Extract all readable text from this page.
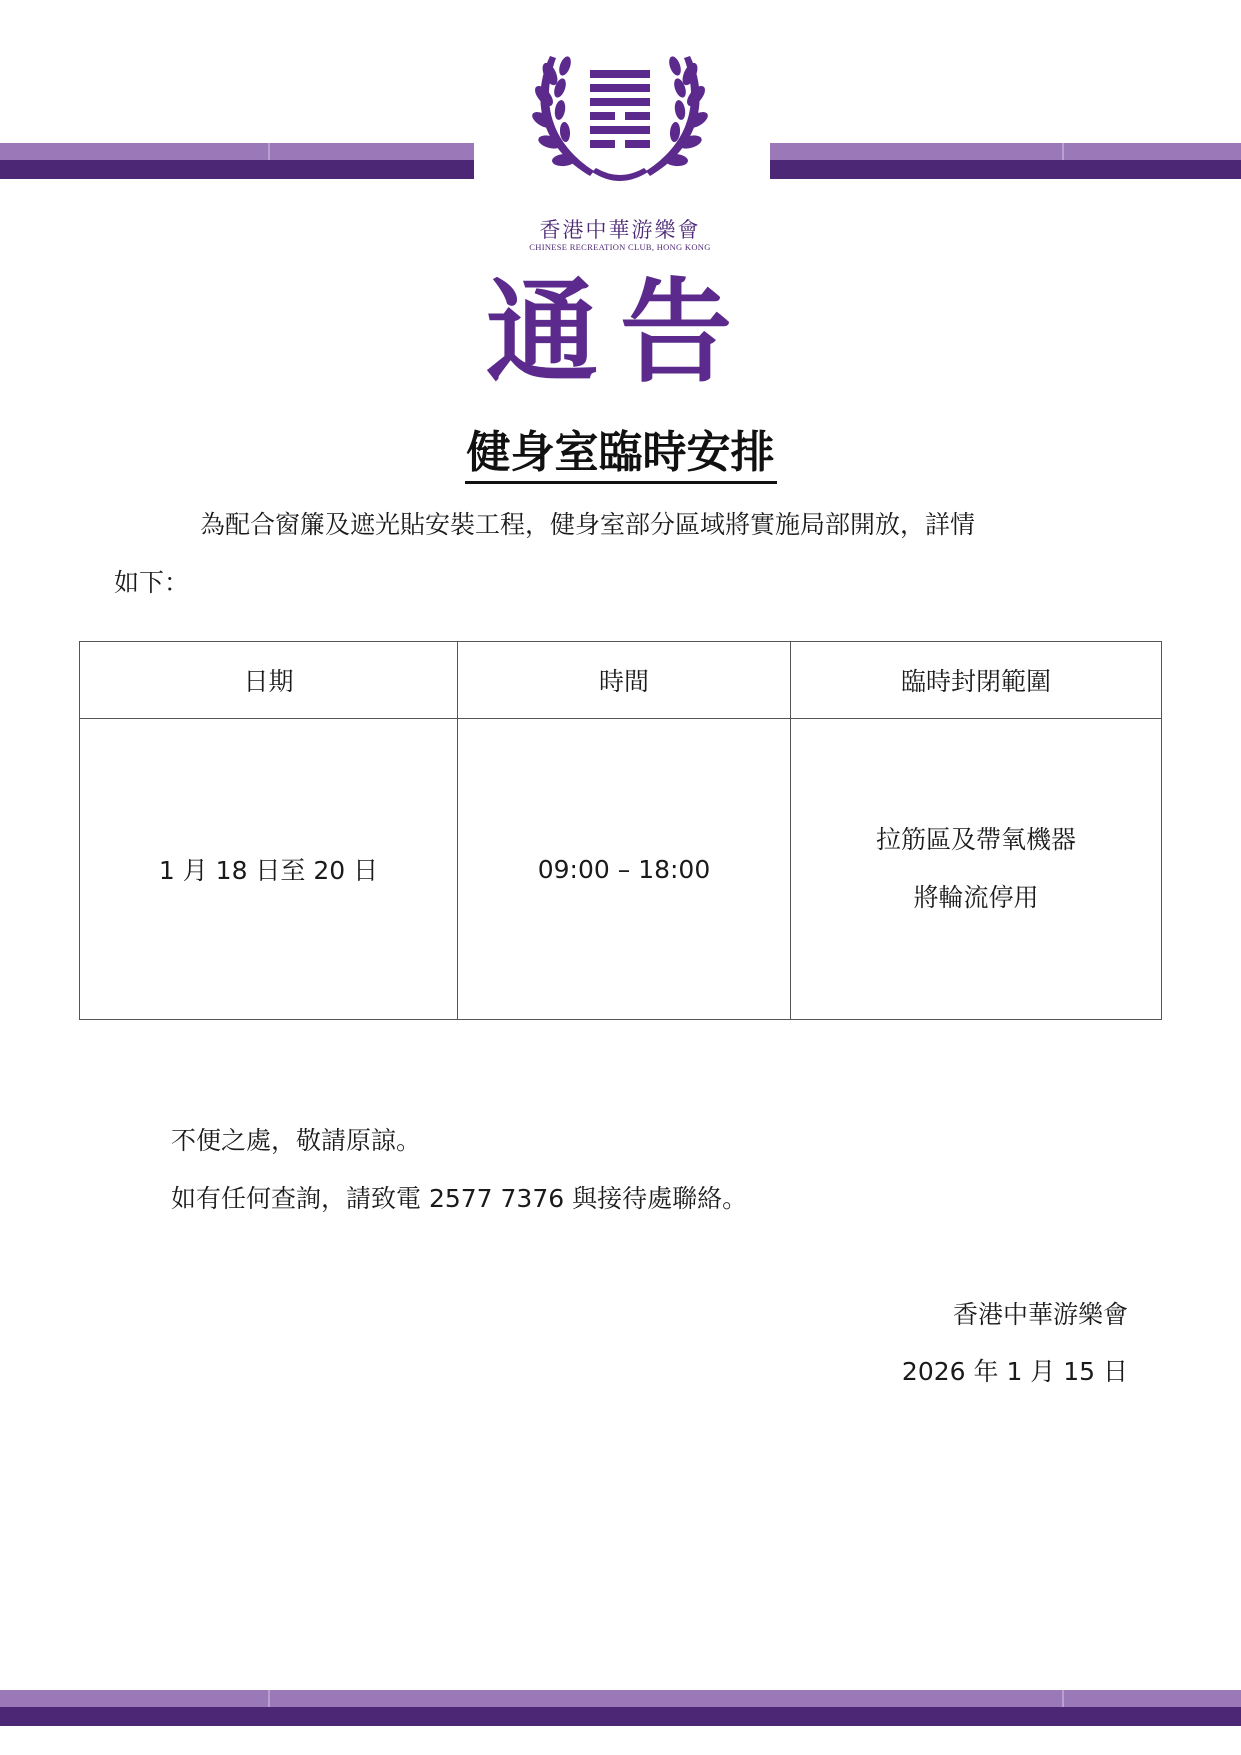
香港中華游樂會
CHINESE RECREATION CLUB, HONG KONG
通告
健身室臨時安排
為配合窗簾及遮光貼安裝工程，健身室部分區域將實施局部開放，詳情
如下：
日期	時間	臨時封閉範圍
1 月 18 日至 20 日	09:00 – 18:00	拉筋區及帶氧機器
將輪流停用
不便之處，敬請原諒。
如有任何查詢，請致電 2577 7376 與接待處聯絡。
香港中華游樂會
2026 年 1 月 15 日
